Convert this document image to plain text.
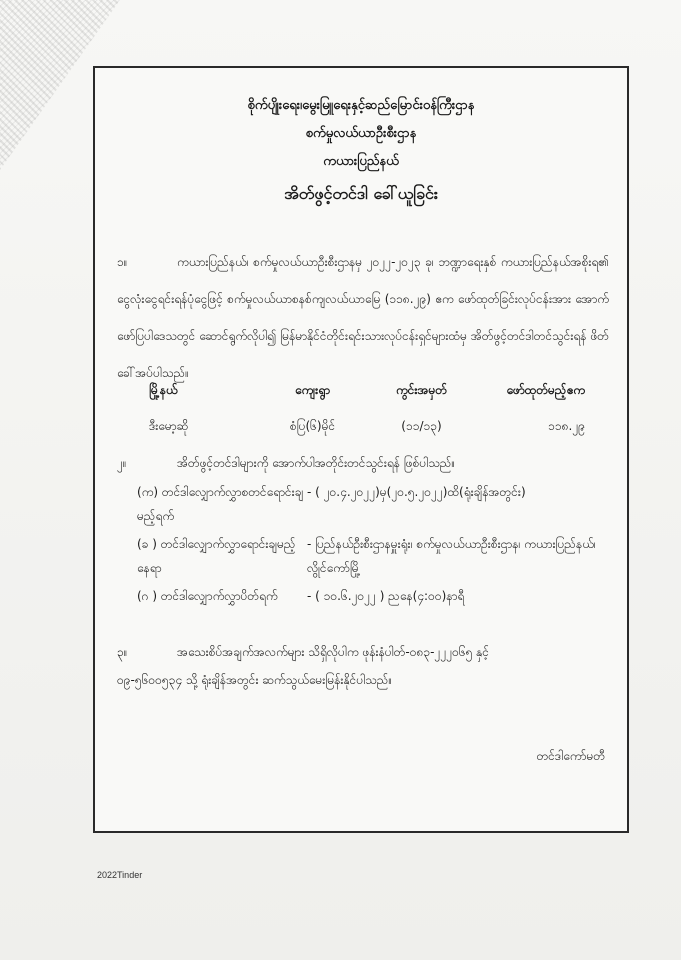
စိုက်ပျိုးရေး၊မွေးမြူရေးနှင့်ဆည်မြောင်းဝန်ကြီးဌာန
စက်မှုလယ်ယာဦးစီးဌာန
ကယားပြည်နယ်
အိတ်ဖွင့်တင်ဒါ ခေါ်ယူခြင်း
၁။	ကယားပြည်နယ်၊ စက်မှုလယ်ယာဦးစီးဌာနမှ ၂၀၂၂-၂၀၂၃ ခု၊ ဘဏ္ဍာရေးနှစ် ကယားပြည်နယ်အစိုးရ၏ ငွေလုံးငွေရင်းရန်ပုံငွေဖြင့် စက်မှုလယ်ယာစနစ်ကျလယ်ယာမြေ (၁၁၈.၂၉) ဧက ဖော်ထုတ်ခြင်းလုပ်ငန်းအား အောက်ဖော်ပြပါဒေသတွင် ဆောင်ရွက်လိုပါ၍ မြန်မာနိုင်ငံတိုင်းရင်းသားလုပ်ငန်းရှင်များထံမှ အိတ်ဖွင့်တင်ဒါတင်သွင်းရန် ဖိတ်ခေါ်အပ်ပါသည်။
မြို့နယ်	ကျေးရွာ	ကွင်းအမှတ်	ဖော်ထုတ်မည့်ဧက
ဒီးမော့ဆို	စံပြ(၆)မိုင်	(၁၁/၁၃)	၁၁၈.၂၉
၂။	အိတ်ဖွင့်တင်ဒါများကို အောက်ပါအတိုင်းတင်သွင်းရန် ဖြစ်ပါသည်။
(က) တင်ဒါလျှောက်လွှာစတင်ရောင်းချမည့်ရက်
- ( ၂၀.၄.၂၀၂၂)မှ(၂၀.၅.၂၀၂၂)ထိ(ရုံးချိန်အတွင်း)
(ခ ) တင်ဒါလျှောက်လွှာရောင်းချမည့်နေရာ
- ပြည်နယ်ဦးစီးဌာနမှူးရုံး၊ စက်မှုလယ်ယာဦးစီးဌာန၊ ကယားပြည်နယ်၊ လွိုင်ကော်မြို့
(ဂ ) တင်ဒါလျှောက်လွှာပိတ်ရက်	- ( ၁၀.၆.၂၀၂၂ ) ညနေ(၄:၀၀)နာရီ
၃။	အသေးစိပ်အချက်အလက်များ သိရှိလိုပါက ဖုန်းနံပါတ်-၀၈၃-၂၂၂၀၆၅ နှင့်
၀၉-၅၆၀၀၅၃၄ သို့ ရုံးချိန်အတွင်း ဆက်သွယ်မေးမြန်းနိုင်ပါသည်။
တင်ဒါကော်မတီ
2022Tinder
